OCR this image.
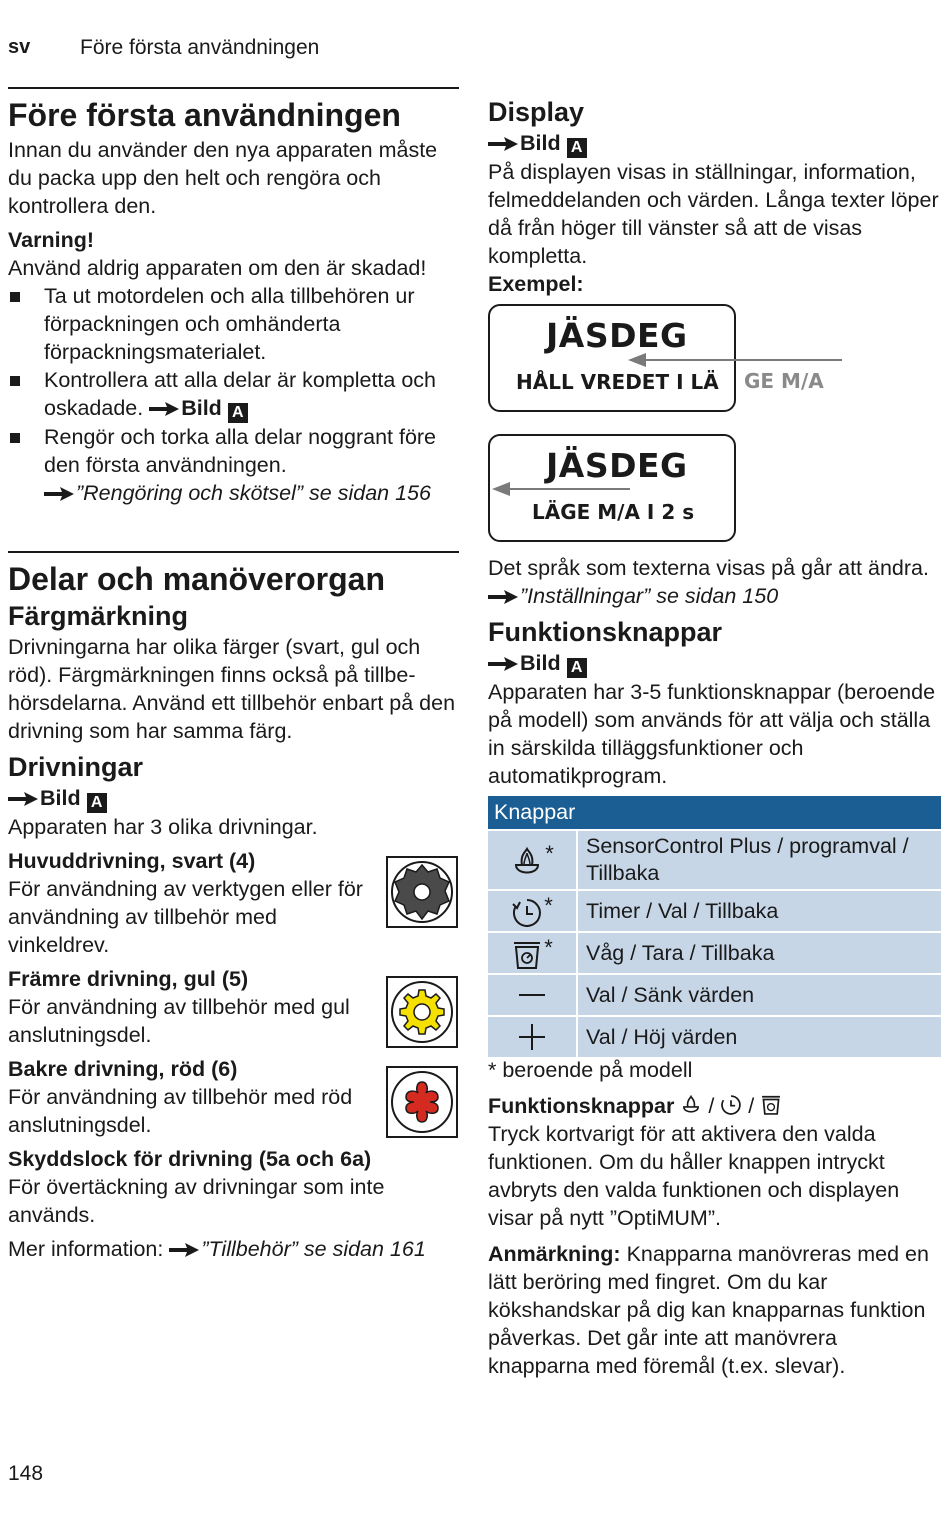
sv Före första användningen
Före första användningen

Innan du använder den nya apparaten måste du packa upp den helt och rengöra och kontrollera den.

Varning!

Använd aldrig apparaten om den är skadad!

Ta ut motordelen och alla tillbehören ur förpackningen och omhänderta förpackningsmaterialet.
Kontrollera att alla delar är kompletta och oskadade. Bild A
Rengör och torka alla delar noggrant före den första användningen.
”Rengöring och skötsel” se sidan 156
Delar och manöverorgan
Färgmärkning

Drivningarna har olika färger (svart, gul och röd). Färgmärkningen finns också på tillbe-hörsdelarna. Använd ett tillbehör enbart på den drivning som har samma färg.

Drivningar

Bild A

Apparaten har 3 olika drivningar.

Huvuddrivning, svart (4)

För användning av verktygen eller för användning av tillbehör med vinkeldrev.

Främre drivning, gul (5)

För användning av tillbehör med gul anslutningsdel.

Bakre drivning, röd (6)

För användning av tillbehör med röd anslutningsdel.

Skyddslock för drivning (5a och 6a)

För övertäckning av drivningar som inte används.

Mer information: ”Tillbehör” se sidan 161

Display

Bild A

På displayen visas in ställningar, information, felmeddelanden och värden. Långa texter löper då från höger till vänster så att de visas kompletta.

Exempel:

JÄSDEG
HÅLL VREDET I LÄ GE M/A
JÄSDEG
LÄGE M/A I 2 s

Det språk som texterna visas på går att ändra. ”Inställningar” se sidan 150

Funktionsknappar

Bild A

Apparaten har 3-5 funktionsknappar (beroende på modell) som används för att välja och ställa in särskilda tilläggsfunktioner och automatikprogram.

Knappar	
*	SensorControl Plus / programval / Tillbaka
*	Timer / Val / Tillbaka
*	Våg / Tara / Tillbaka
	Val / Sänk värden
	Val / Höj värden

* beroende på modell

Funktionsknappar / /

Tryck kortvarigt för att aktivera den valda funktionen. Om du håller knappen intryckt avbryts den valda funktionen och displayen visar på nytt ”OptiMUM”.

Anmärkning: Knapparna manövreras med en lätt beröring med fingret. Om du kar kökshandskar på dig kan knapparnas funktion påverkas. Det går inte att manövrera knapparna med föremål (t.ex. slevar).

148
